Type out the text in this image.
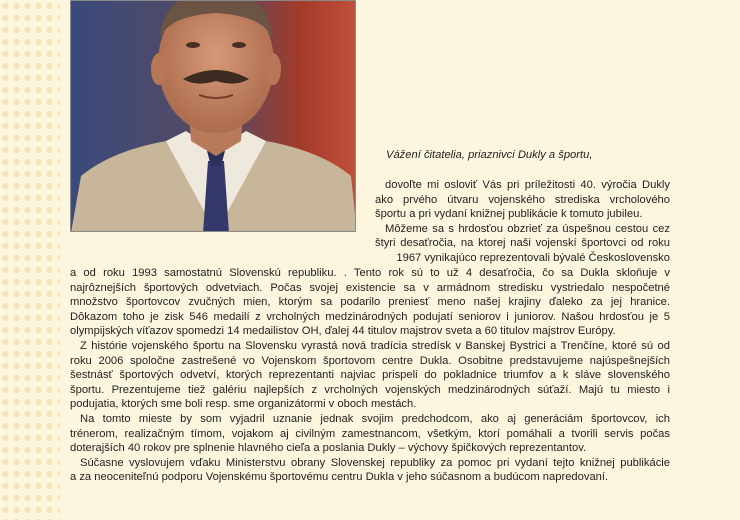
Vážení čitatelia, priaznivci Dukly a športu,
dovoľte mi osloviť Vás pri príležitosti 40. výročia Dukly
ako prvého útvaru vojenského strediska vrcholového
športu a pri vydaní knižnej publikácie k tomuto jubileu.
Môžeme sa s hrdosťou obzrieť za úspešnou cestou cez
štyri desaťročia, na ktorej naši vojenskí športovci od roku
1967 vynikajúco reprezentovali bývalé Československo
a od roku 1993 samostatnú Slovenskú republiku. . Tento rok sú to už 4 desaťročia, čo sa Dukla skloňuje v
najrôznejších športových odvetviach. Počas svojej existencie sa v armádnom stredisku vystriedalo nespočetné
množstvo športovcov zvučných mien, ktorým sa podarilo preniesť meno našej krajiny ďaleko za jej hranice.
Dôkazom toho je zisk 546 medailí z vrcholných medzinárodných podujatí seniorov i juniorov. Našou hrdosťou je 5
olympijských víťazov spomedzi 14 medailistov OH, ďalej 44 titulov majstrov sveta a 60 titulov majstrov Európy.
Z histórie vojenského športu na Slovensku vyrastá nová tradícia stredísk v Banskej Bystrici a Trenčíne, ktoré sú od
roku 2006 spoločne zastrešené vo Vojenskom športovom centre Dukla. Osobitne predstavujeme najúspešnejších
šestnásť športových odvetví, ktorých reprezentanti najviac prispeli do pokladnice triumfov a k sláve slovenského
športu. Prezentujeme tiež galériu najlepších z vrcholných vojenských medzinárodných súťaží. Majú tu miesto i
podujatia, ktorých sme boli resp. sme organizátormi v oboch mestách.
Na tomto mieste by som vyjadril uznanie jednak svojim predchodcom, ako aj generáciám športovcov, ich
trénerom, realizačným tímom, vojakom aj civilným zamestnancom, všetkým, ktorí pomáhali a tvorili servis počas
doterajších 40 rokov pre splnenie hlavného cieľa a poslania Dukly – výchovy špičkových reprezentantov.
Súčasne vyslovujem vďaku Ministerstvu obrany Slovenskej republiky za pomoc pri vydaní tejto knižnej publikácie
a za neocenitеľnú podporu Vojenskému športovému centru Dukla v jeho súčasnom a budúcom napredovaní.
